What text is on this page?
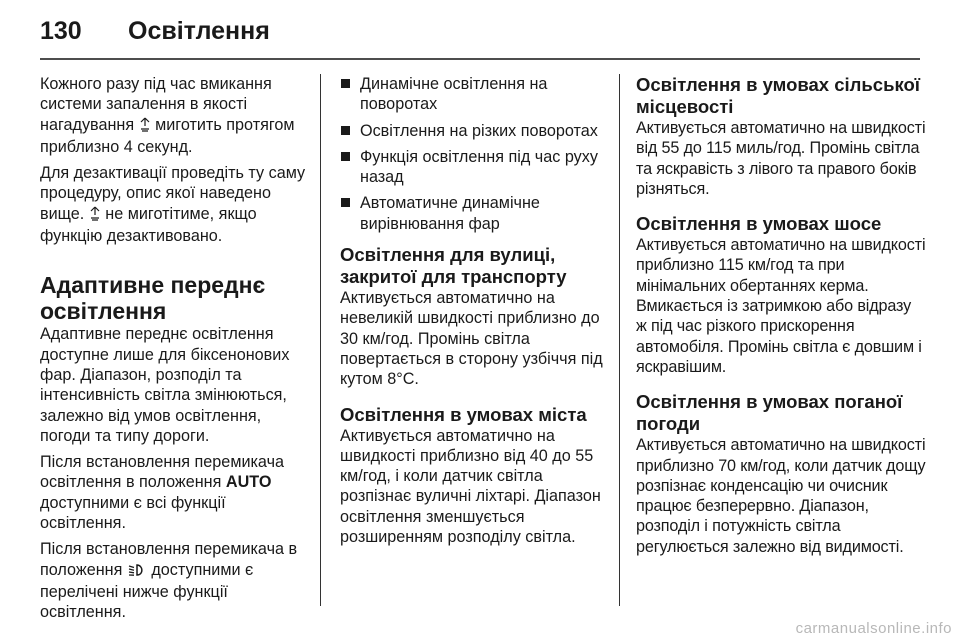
130 Освітлення

Кожного разу під час вмикання системи запалення в якості нагадування миготить протягом приблизно 4 секунд.

Для дезактивації проведіть ту саму процедуру, опис якої наведено вище. не миготітиме, якщо функцію дезактивовано.

Адаптивне переднє освітлення

Адаптивне переднє освітлення доступне лише для біксенонових фар. Діапазон, розподіл та інтенсивність світла змінюються, залежно від умов освітлення, погоди та типу дороги.

Після встановлення перемикача освітлення в положення AUTO доступними є всі функції освітлення.

Після встановлення перемикача в положення доступними є перелічені нижче функції освітлення.

Динамічне освітлення на поворотах
Освітлення на різких поворотах
Функція освітлення під час руху назад
Автоматичне динамічне вирівнювання фар
Освітлення для вулиці, закритої для транспорту

Активується автоматично на невеликій швидкості приблизно до 30 км/год. Промінь світла повертається в сторону узбіччя під кутом 8°С.

Освітлення в умовах міста

Активується автоматично на швидкості приблизно від 40 до 55 км/год, і коли датчик світла розпізнає вуличні ліхтарі. Діапазон освітлення зменшується розширенням розподілу світла.

Освітлення в умовах сільської місцевості

Активується автоматично на швидкості від 55 до 115 миль/год. Промінь світла та яскравість з лівого та правого боків різняться.

Освітлення в умовах шосе

Активується автоматично на швидкості приблизно 115 км/год та при мінімальних обертаннях керма. Вмикається із затримкою або відразу ж під час різкого прискорення автомобіля. Промінь світла є довшим і яскравішим.

Освітлення в умовах поганої погоди

Активується автоматично на швидкості приблизно 70 км/год, коли датчик дощу розпізнає конденсацію чи очисник працює безперервно. Діапазон, розподіл і потужність світла регулюється залежно від видимості.

carmanualsonline.info
